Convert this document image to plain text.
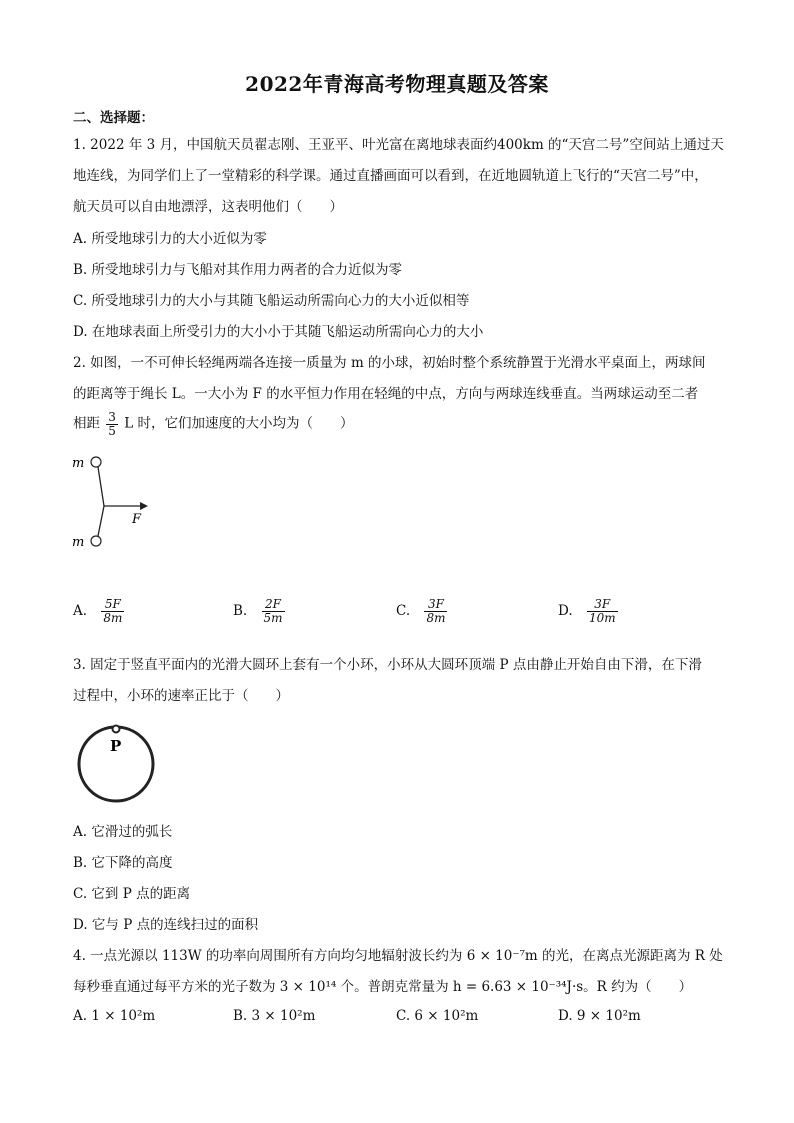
2022年青海高考物理真题及答案
二、选择题：
1. 2022 年 3 月，中国航天员翟志刚、王亚平、叶光富在离地球表面约400km 的“天宫二号”空间站上通过天
地连线，为同学们上了一堂精彩的科学课。通过直播画面可以看到，在近地圆轨道上飞行的“天宫二号”中，
航天员可以自由地漂浮，这表明他们（　　）
A. 所受地球引力的大小近似为零
B. 所受地球引力与飞船对其作用力两者的合力近似为零
C. 所受地球引力的大小与其随飞船运动所需向心力的大小近似相等
D. 在地球表面上所受引力的大小小于其随飞船运动所需向心力的大小
2. 如图，一不可伸长轻绳两端各连接一质量为 m 的小球，初始时整个系统静置于光滑水平桌面上，两球间
的距离等于绳长 L。一大小为 F 的水平恒力作用在轻绳的中点，方向与两球连线垂直。当两球运动至二者
相距 $\frac{3}{5}$ L 时，它们加速度的大小均为（　　）
m
m
F
A. $\frac{5F}{8m}$	B. $\frac{2F}{5m}$	C. $\frac{3F}{8m}$	D. $\frac{3F}{10m}$
3. 固定于竖直平面内的光滑大圆环上套有一个小环，小环从大圆环顶端 P 点由静止开始自由下滑，在下滑
过程中，小环的速率正比于（　　）
P
A. 它滑过的弧长
B. 它下降的高度
C. 它到 P 点的距离
D. 它与 P 点的连线扫过的面积
4. 一点光源以 113W 的功率向周围所有方向均匀地辐射波长约为 6 × 10⁻⁷m 的光，在离点光源距离为 R 处
每秒垂直通过每平方米的光子数为 3 × 10¹⁴ 个。普朗克常量为 h = 6.63 × 10⁻³⁴J·s。R 约为（　　）
A. 1 × 10²m	B. 3 × 10²m	C. 6 × 10²m	D. 9 × 10²m
